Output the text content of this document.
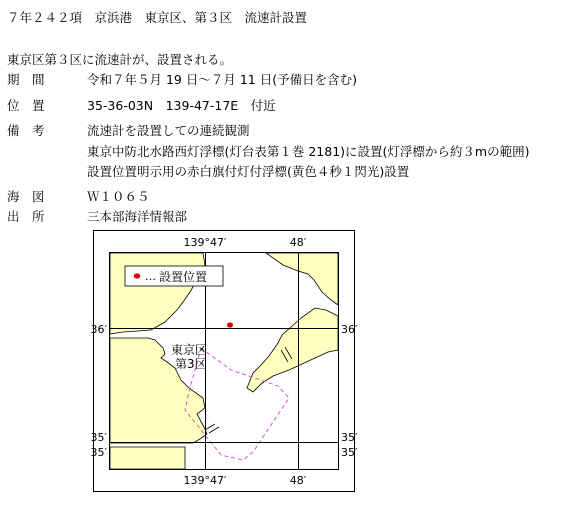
７年２４２項　京浜港　東京区、第３区　流速計設置
東京区第３区に流速計が、設置される。
期　間	令和７年５月 19 日～７月 11 日(予備日を含む)
位　置	35-36-03N　139-47-17E　付近
備　考	流速計を設置しての連続観測
東京中防北水路西灯浮標(灯台表第１巻 2181)に設置(灯浮標から約３mの範囲)
設置位置明示用の赤白旗付灯付浮標(黄色４秒１閃光)設置
海　図	Ｗ１０６５
出　所	三本部海洋情報部
139°47′	48′
139°47′	48′
36′	36′
35′
35′
35′
35′
東京区
第3区
… 設置位置
